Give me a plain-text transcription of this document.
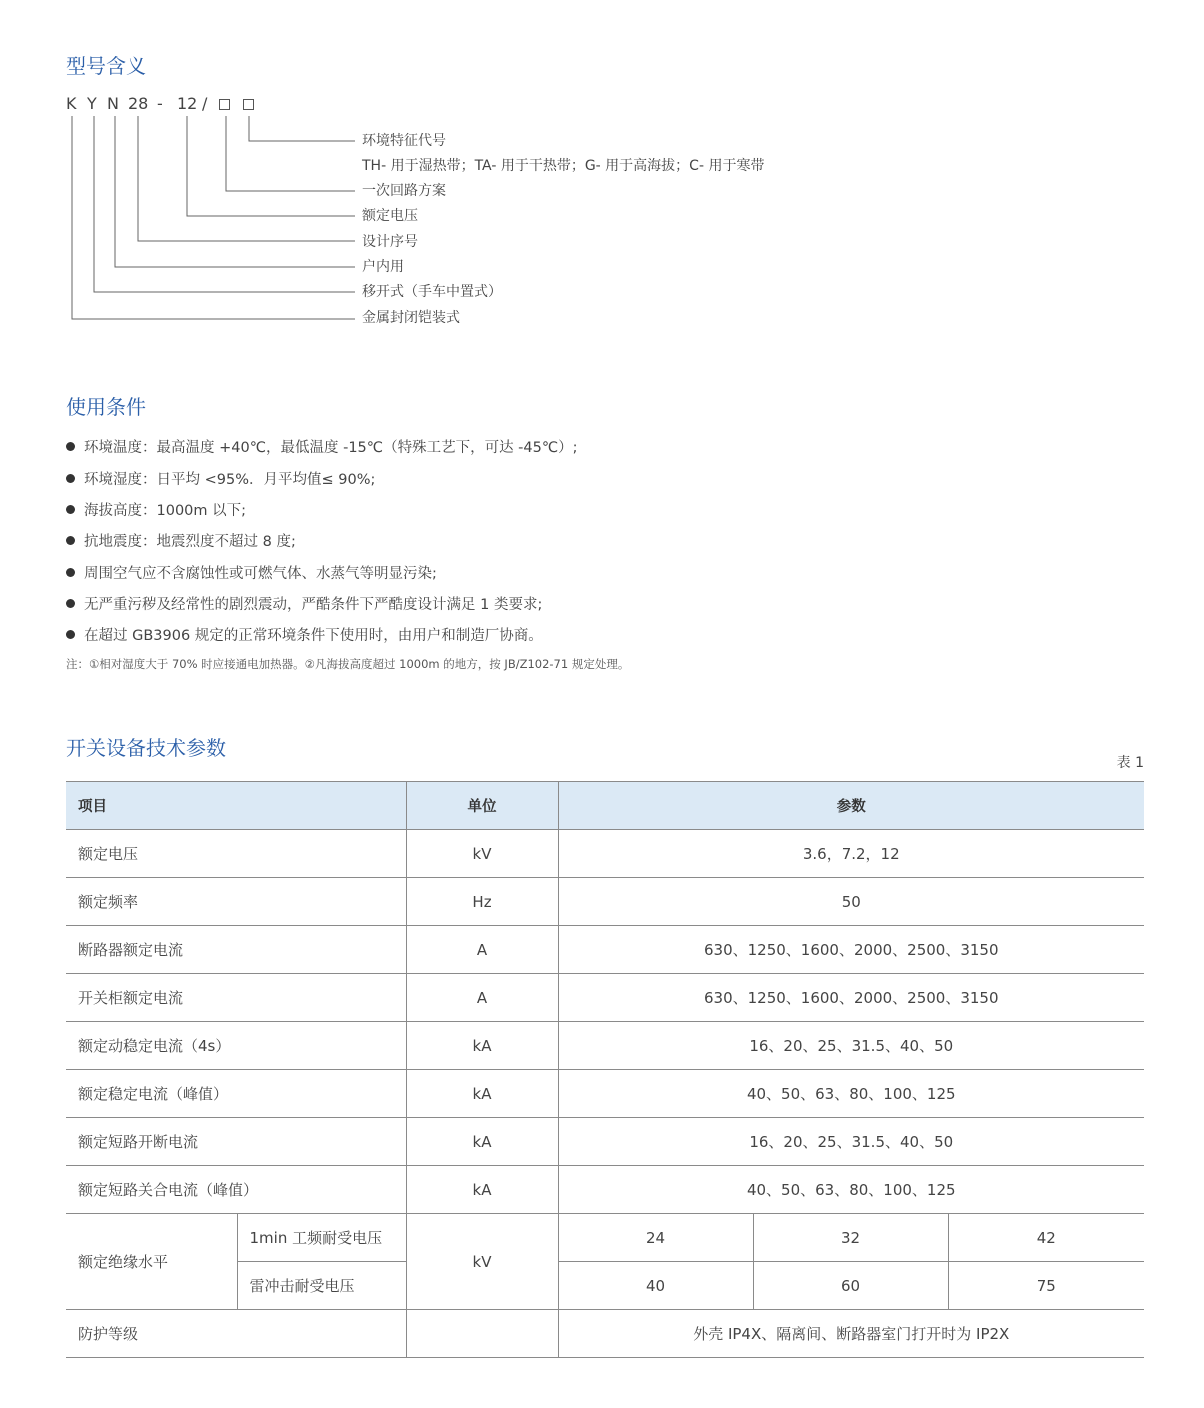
型号含义
K Y N 28 - 12 /
环境特征代号
TH- 用于湿热带；TA- 用于干热带；G- 用于高海拔；C- 用于寒带
一次回路方案
额定电压
设计序号
户内用
移开式（手车中置式）
金属封闭铠装式
使用条件
环境温度：最高温度 +40℃，最低温度 -15℃（特殊工艺下，可达 -45℃）;
环境湿度：日平均 <95%．月平均值≤ 90%;
海拔高度：1000m 以下;
抗地震度：地震烈度不超过 8 度;
周围空气应不含腐蚀性或可燃气体、水蒸气等明显污染;
无严重污秽及经常性的剧烈震动，严酷条件下严酷度设计满足 1 类要求;
在超过 GB3906 规定的正常环境条件下使用时，由用户和制造厂协商。
注：①相对湿度大于 70% 时应接通电加热器。②凡海拔高度超过 1000m 的地方，按 JB/Z102-71 规定处理。
开关设备技术参数
表 1
项目		单位	参数		
额定电压		kV	3.6，7.2，12		
额定频率		Hz	50		
断路器额定电流		A	630、1250、1600、2000、2500、3150		
开关柜额定电流		A	630、1250、1600、2000、2500、3150		
额定动稳定电流（4s）		kA	16、20、25、31.5、40、50		
额定稳定电流（峰值）		kA	40、50、63、80、100、125		
额定短路开断电流		kA	16、20、25、31.5、40、50		
额定短路关合电流（峰值）		kA	40、50、63、80、100、125		
额定绝缘水平	1min 工频耐受电压	kV	24	32	42
	雷冲击耐受电压		40	60	75
防护等级			外壳 IP4X、隔离间、断路器室门打开时为 IP2X		
